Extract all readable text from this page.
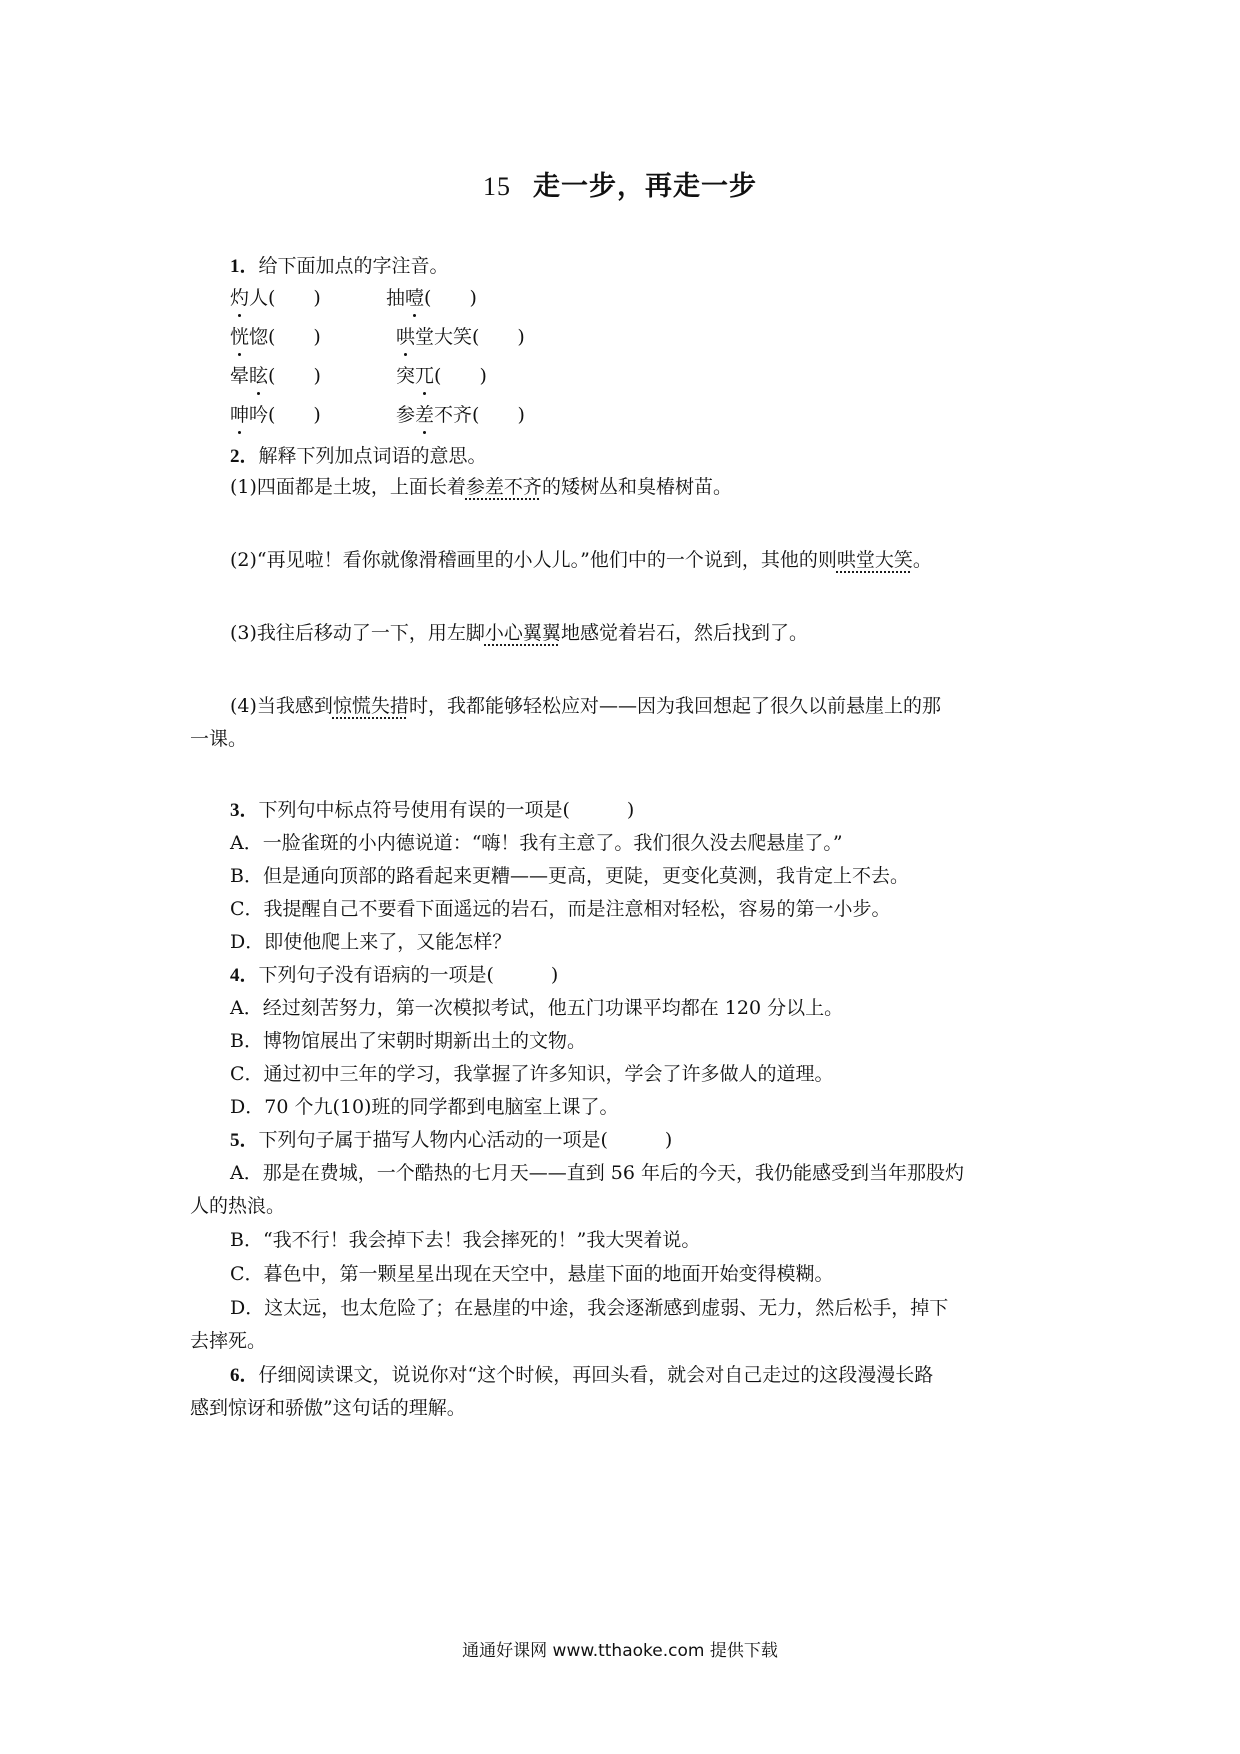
15 走一步，再走一步
1．给下面加点的字注音。
灼人(　　)	抽噎(　　)
恍惚(　　)	哄堂大笑(　　)
晕眩(　　)	突兀(　　)
呻吟(　　)	参差不齐(　　)
2．解释下列加点词语的意思。
(1)四面都是土坡，上面长着参差不齐的矮树丛和臭椿树苗。
(2)“再见啦！看你就像滑稽画里的小人儿。”他们中的一个说到，其他的则哄堂大笑。
(3)我往后移动了一下，用左脚小心翼翼地感觉着岩石，然后找到了。
(4)当我感到惊慌失措时，我都能够轻松应对——因为我回想起了很久以前悬崖上的那
一课。
3．下列句中标点符号使用有误的一项是(　　　)
A．一脸雀斑的小内德说道：“嗨！我有主意了。我们很久没去爬悬崖了。”
B．但是通向顶部的路看起来更糟——更高，更陡，更变化莫测，我肯定上不去。
C．我提醒自己不要看下面遥远的岩石，而是注意相对轻松，容易的第一小步。
D．即使他爬上来了，又能怎样？
4．下列句子没有语病的一项是(　　　)
A．经过刻苦努力，第一次模拟考试，他五门功课平均都在 120 分以上。
B．博物馆展出了宋朝时期新出土的文物。
C．通过初中三年的学习，我掌握了许多知识，学会了许多做人的道理。
D．70 个九(10)班的同学都到电脑室上课了。
5．下列句子属于描写人物内心活动的一项是(　　　)
A．那是在费城，一个酷热的七月天——直到 56 年后的今天，我仍能感受到当年那股灼
人的热浪。
B．“我不行！我会掉下去！我会摔死的！”我大哭着说。
C．暮色中，第一颗星星出现在天空中，悬崖下面的地面开始变得模糊。
D．这太远，也太危险了；在悬崖的中途，我会逐渐感到虚弱、无力，然后松手，掉下
去摔死。
6．仔细阅读课文，说说你对“这个时候，再回头看，就会对自己走过的这段漫漫长路
感到惊讶和骄傲”这句话的理解。
通通好课网 www.tthaoke.com 提供下载
